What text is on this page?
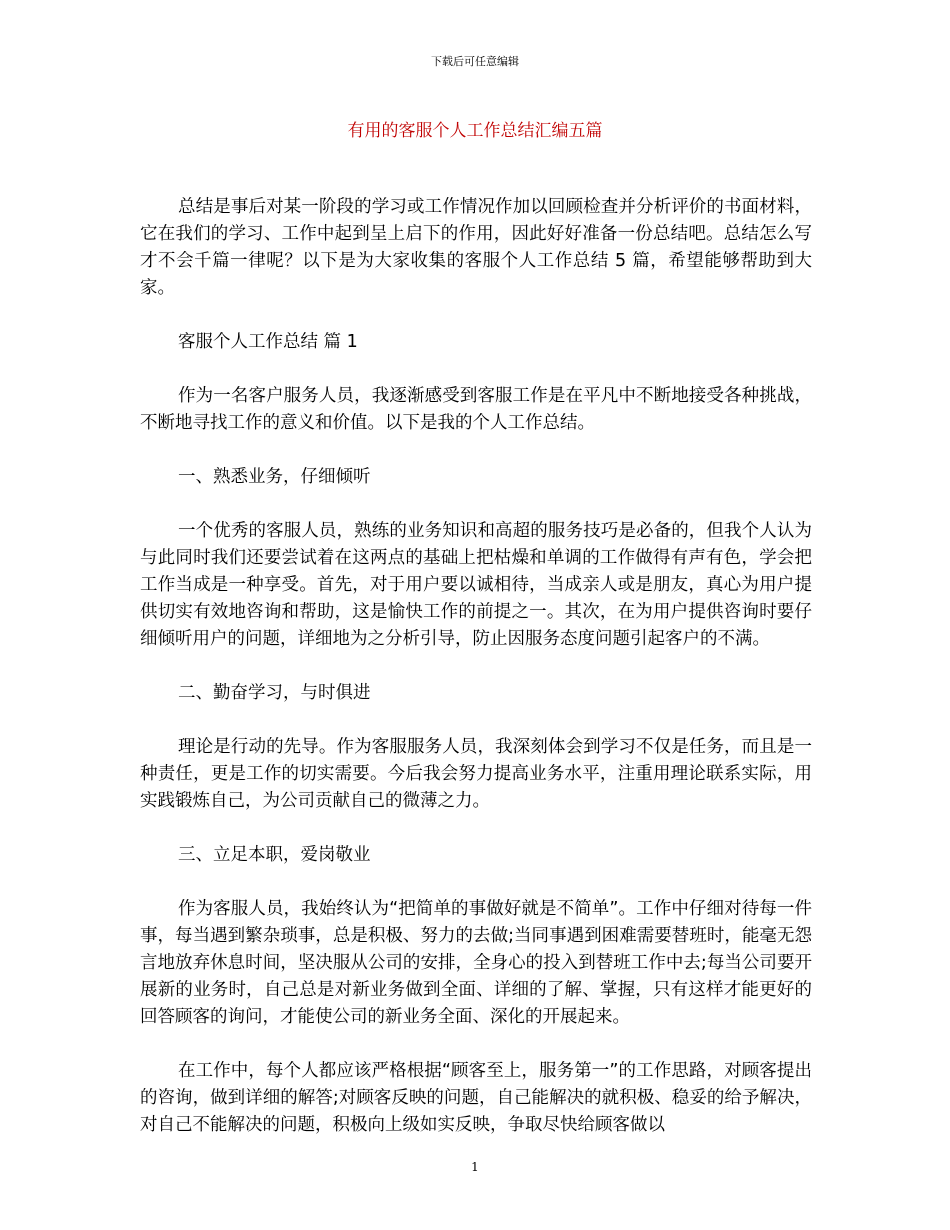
下载后可任意编辑
有用的客服个人工作总结汇编五篇

总结是事后对某一阶段的学习或工作情况作加以回顾检查并分析评价的书面材料，它在我们的学习、工作中起到呈上启下的作用，因此好好准备一份总结吧。总结怎么写才不会千篇一律呢？以下是为大家收集的客服个人工作总结 5 篇，希望能够帮助到大家。

客服个人工作总结 篇 1

作为一名客户服务人员，我逐渐感受到客服工作是在平凡中不断地接受各种挑战，不断地寻找工作的意义和价值。以下是我的个人工作总结。

一、熟悉业务，仔细倾听

一个优秀的客服人员，熟练的业务知识和高超的服务技巧是必备的，但我个人认为与此同时我们还要尝试着在这两点的基础上把枯燥和单调的工作做得有声有色，学会把工作当成是一种享受。首先，对于用户要以诚相待，当成亲人或是朋友，真心为用户提供切实有效地咨询和帮助，这是愉快工作的前提之一。其次，在为用户提供咨询时要仔细倾听用户的问题，详细地为之分析引导，防止因服务态度问题引起客户的不满。

二、勤奋学习，与时俱进

理论是行动的先导。作为客服服务人员，我深刻体会到学习不仅是任务，而且是一种责任，更是工作的切实需要。今后我会努力提高业务水平，注重用理论联系实际，用实践锻炼自己，为公司贡献自己的微薄之力。

三、立足本职，爱岗敬业

作为客服人员，我始终认为“把简单的事做好就是不简单”。工作中仔细对待每一件事，每当遇到繁杂琐事，总是积极、努力的去做;当同事遇到困难需要替班时，能毫无怨言地放弃休息时间，坚决服从公司的安排，全身心的投入到替班工作中去;每当公司要开展新的业务时，自己总是对新业务做到全面、详细的了解、掌握，只有这样才能更好的回答顾客的询问，才能使公司的新业务全面、深化的开展起来。

在工作中，每个人都应该严格根据“顾客至上，服务第一”的工作思路，对顾客提出的咨询，做到详细的解答;对顾客反映的问题，自己能解决的就积极、稳妥的给予解决，对自己不能解决的问题，积极向上级如实反映，争取尽快给顾客做以

1
